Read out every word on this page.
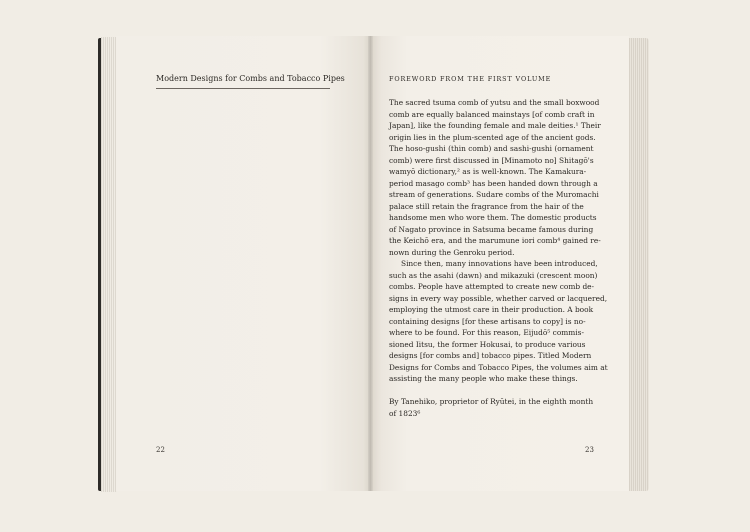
Modern Designs for Combs and Tobacco Pipes
22
FOREWORD FROM THE FIRST VOLUME
The sacred tsuma comb of yutsu and the small boxwood
comb are equally balanced mainstays [of comb craft in
Japan], like the founding female and male deities.¹ Their
origin lies in the plum-scented age of the ancient gods.
The hoso-gushi (thin comb) and sashi-gushi (ornament
comb) were first discussed in [Minamoto no] Shitagō's
wamyō dictionary,² as is well-known. The Kamakura-
period masago comb³ has been handed down through a
stream of generations. Sudare combs of the Muromachi
palace still retain the fragrance from the hair of the
handsome men who wore them. The domestic products
of Nagato province in Satsuma became famous during
the Keichō era, and the marumune iori comb⁴ gained re-
nown during the Genroku period.
Since then, many innovations have been introduced,
such as the asahi (dawn) and mikazuki (crescent moon)
combs. People have attempted to create new comb de-
signs in every way possible, whether carved or lacquered,
employing the utmost care in their production. A book
containing designs [for these artisans to copy] is no-
where to be found. For this reason, Eijudō⁵ commis-
sioned Iitsu, the former Hokusai, to produce various
designs [for combs and] tobacco pipes. Titled Modern
Designs for Combs and Tobacco Pipes, the volumes aim at
assisting the many people who make these things.
By Tanehiko, proprietor of Ryūtei, in the eighth month
of 1823⁶
23
